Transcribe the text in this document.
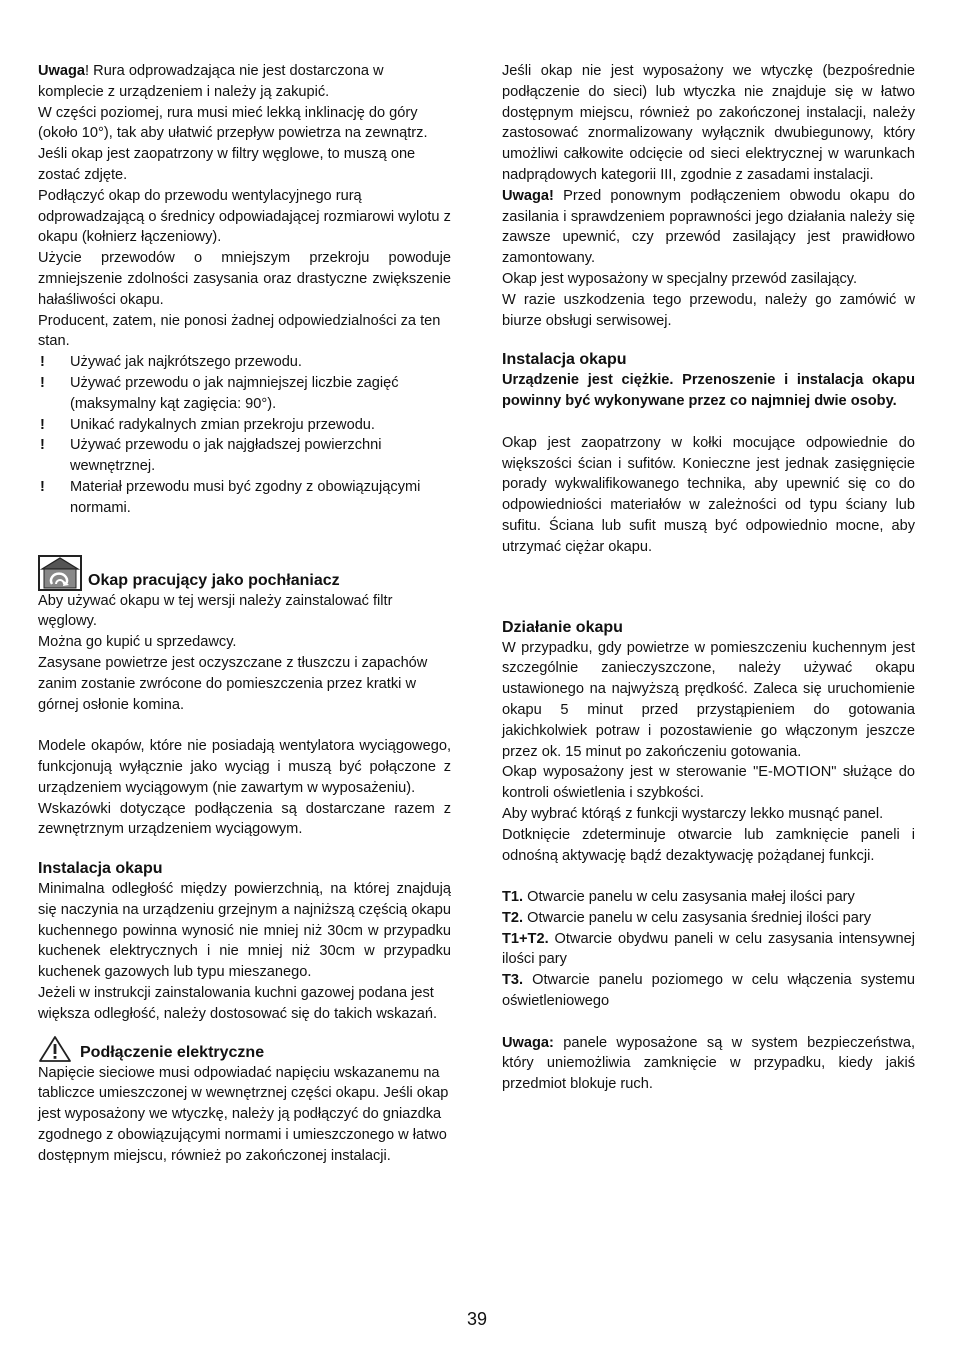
Uwaga! Rura odprowadzająca nie jest dostarczona w komplecie z urządzeniem i należy ją zakupić.

W części poziomej, rura musi mieć lekką inklinację do góry (około 10°), tak aby ułatwić przepływ powietrza na zewnątrz.

Jeśli okap jest zaopatrzony w filtry węglowe, to muszą one zostać zdjęte.

Podłączyć okap do przewodu wentylacyjnego rurą odprowadzającą o średnicy odpowiadającej rozmiarowi wylotu z okapu (kołnierz łączeniowy).

Użycie przewodów o mniejszym przekroju powoduje zmniejszenie zdolności zasysania oraz drastyczne zwiększenie hałaśliwości okapu.

Producent, zatem, nie ponosi żadnej odpowiedzialności za ten stan.

! Używać jak najkrótszego przewodu.
! Używać przewodu o jak najmniejszej liczbie zagięć (maksymalny kąt zagięcia: 90°).
! Unikać radykalnych zmian przekroju przewodu.
! Używać przewodu o jak najgładszej powierzchni wewnętrznej.
! Materiał przewodu musi być zgodny z obowiązującymi normami.
Okap pracujący jako pochłaniacz

Aby używać okapu w tej wersji należy zainstalować filtr węglowy.

Można go kupić u sprzedawcy.

Zasysane powietrze jest oczyszczane z tłuszczu i zapachów zanim zostanie zwrócone do pomieszczenia przez kratki w górnej osłonie komina.

Modele okapów, które nie posiadają wentylatora wyciągowego, funkcjonują wyłącznie jako wyciąg i muszą być połączone z urządzeniem wyciągowym (nie zawartym w wyposażeniu).

Wskazówki dotyczące podłączenia są dostarczane razem z zewnętrznym urządzeniem wyciągowym.

Instalacja okapu

Minimalna odległość między powierzchnią, na której znajdują się naczynia na urządzeniu grzejnym a najniższą częścią okapu kuchennego powinna wynosić nie mniej niż 30cm w przypadku kuchenek elektrycznych i nie mniej niż 30cm w przypadku kuchenek gazowych lub typu mieszanego.

Jeżeli w instrukcji zainstalowania kuchni gazowej podana jest większa odległość, należy dostosować się do takich wskazań.

Podłączenie elektryczne

Napięcie sieciowe musi odpowiadać napięciu wskazanemu na tabliczce umieszczonej w wewnętrznej części okapu. Jeśli okap jest wyposażony we wtyczkę, należy ją podłączyć do gniazdka zgodnego z obowiązującymi normami i umieszczonego w łatwo dostępnym miejscu, również po zakończonej instalacji.

Jeśli okap nie jest wyposażony we wtyczkę (bezpośrednie podłączenie do sieci) lub wtyczka nie znajduje się w łatwo dostępnym miejscu, również po zakończonej instalacji, należy zastosować znormalizowany wyłącznik dwubiegunowy, który umożliwi całkowite odcięcie od sieci elektrycznej w warunkach nadprądowych kategorii III, zgodnie z zasadami instalacji.

Uwaga! Przed ponownym podłączeniem obwodu okapu do zasilania i sprawdzeniem poprawności jego działania należy się zawsze upewnić, czy przewód zasilający jest prawidłowo zamontowany.

Okap jest wyposażony w specjalny przewód zasilający.

W razie uszkodzenia tego przewodu, należy go zamówić w biurze obsługi serwisowej.

Instalacja okapu

Urządzenie jest ciężkie. Przenoszenie i instalacja okapu powinny być wykonywane przez co najmniej dwie osoby.

Okap jest zaopatrzony w kołki mocujące odpowiednie do większości ścian i sufitów. Konieczne jest jednak zasięgnięcie porady wykwalifikowanego technika, aby upewnić się co do odpowiedniości materiałów w zależności od typu ściany lub sufitu. Ściana lub sufit muszą być odpowiednio mocne, aby utrzymać ciężar okapu.

Działanie okapu

W przypadku, gdy powietrze w pomieszczeniu kuchennym jest szczególnie zanieczyszczone, należy używać okapu ustawionego na najwyższą prędkość. Zaleca się uruchomienie okapu 5 minut przed przystąpieniem do gotowania jakichkolwiek potraw i pozostawienie go włączonym jeszcze przez ok. 15 minut po zakończeniu gotowania.

Okap wyposażony jest w sterowanie "E-MOTION" służące do kontroli oświetlenia i szybkości.

Aby wybrać którąś z funkcji wystarczy lekko musnąć panel.

Dotknięcie zdeterminuje otwarcie lub zamknięcie paneli i odnośną aktywację bądź dezaktywację pożądanej funkcji.

T1. Otwarcie panelu w celu zasysania małej ilości pary

T2. Otwarcie panelu w celu zasysania średniej ilości pary

T1+T2. Otwarcie obydwu paneli w celu zasysania intensywnej ilości pary

T3. Otwarcie panelu poziomego w celu włączenia systemu oświetleniowego

Uwaga: panele wyposażone są w system bezpieczeństwa, który uniemożliwia zamknięcie w przypadku, kiedy jakiś przedmiot blokuje ruch.

39
